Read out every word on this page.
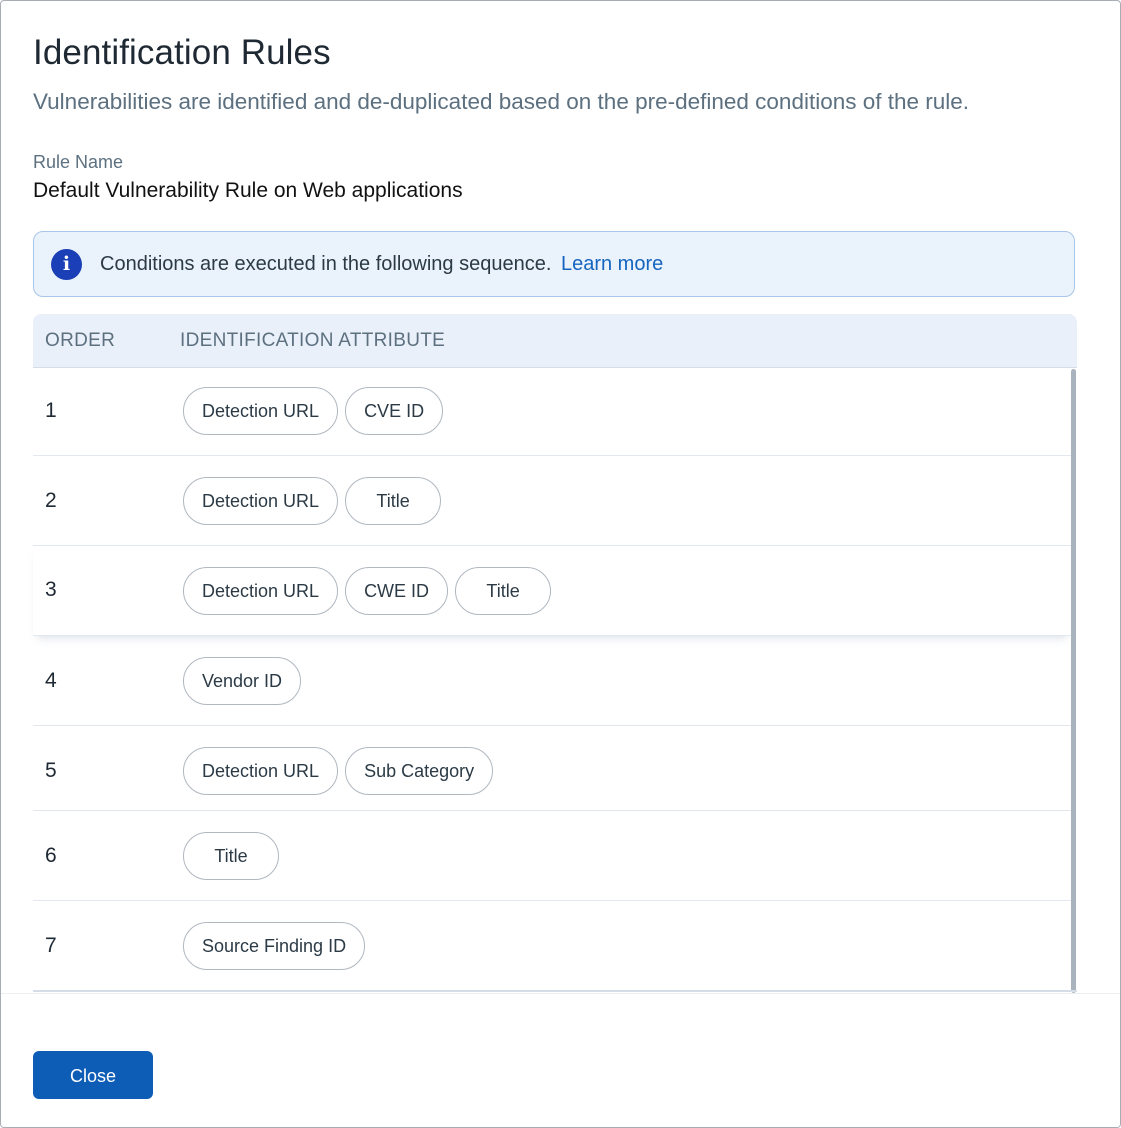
Identification Rules
Vulnerabilities are identified and de-duplicated based on the pre-defined conditions of the rule.
Rule Name
Default Vulnerability Rule on Web applications
i	Conditions are executed in the following sequence. Learn more
ORDER	IDENTIFICATION ATTRIBUTE
1	Detection URL	CVE ID
2	Detection URL	Title
3	Detection URL	CWE ID	Title
4	Vendor ID
5	Detection URL	Sub Category
6	Title
7	Source Finding ID
Close
